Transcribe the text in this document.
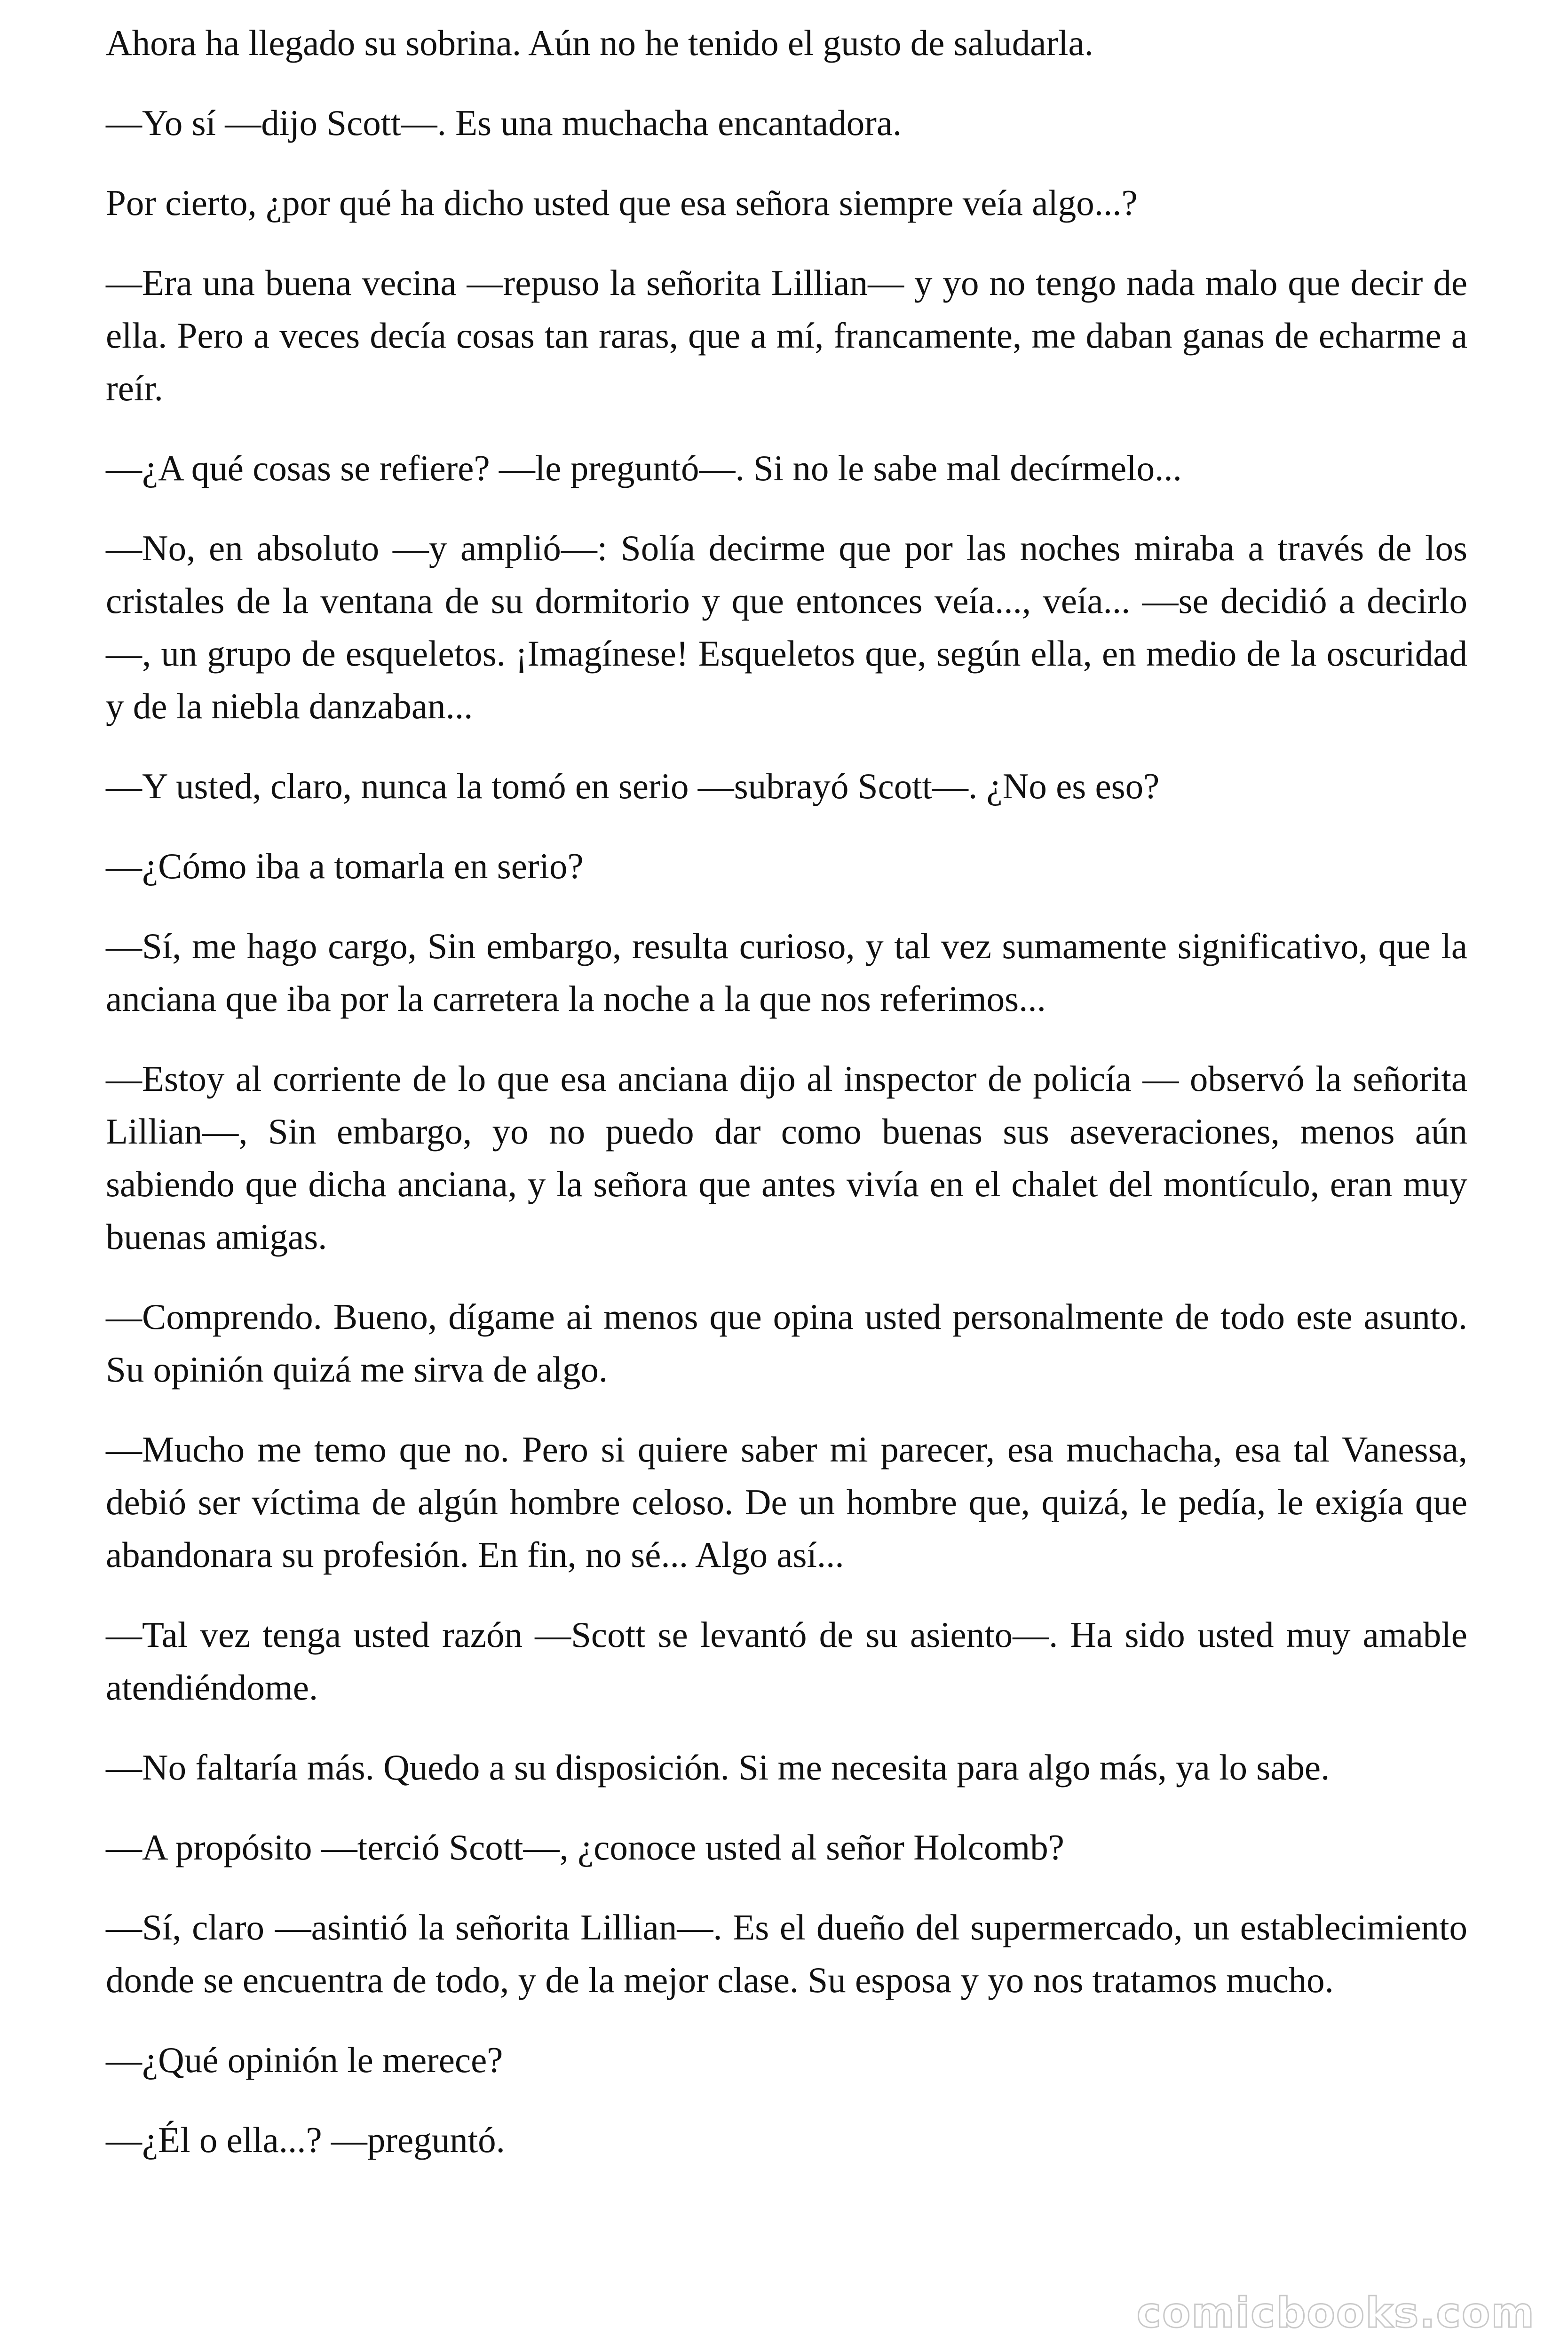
Ahora ha llegado su sobrina. Aún no he tenido el gusto de saludarla.

—Yo sí —dijo Scott—. Es una muchacha encantadora.

Por cierto, ¿por qué ha dicho usted que esa señora siempre veía algo...?

—Era una buena vecina —repuso la señorita Lillian— y yo no tengo nada malo que decir de ella. Pero a veces decía cosas tan raras, que a mí, francamente, me daban ganas de echarme a reír.

—¿A qué cosas se refiere? —le preguntó—. Si no le sabe mal decírmelo...

—No, en absoluto —y amplió—: Solía decirme que por las noches miraba a través de los cristales de la ventana de su dormitorio y que entonces veía..., veía... —se decidió a decirlo—, un grupo de esqueletos. ¡Imagínese! Esqueletos que, según ella, en medio de la oscuridad y de la niebla danzaban...

—Y usted, claro, nunca la tomó en serio —subrayó Scott—. ¿No es eso?

—¿Cómo iba a tomarla en serio?

—Sí, me hago cargo, Sin embargo, resulta curioso, y tal vez sumamente significativo, que la anciana que iba por la carretera la noche a la que nos referimos...

—Estoy al corriente de lo que esa anciana dijo al inspector de policía — observó la señorita Lillian—, Sin embargo, yo no puedo dar como buenas sus aseveraciones, menos aún sabiendo que dicha anciana, y la señora que antes vivía en el chalet del montículo, eran muy buenas amigas.

—Comprendo. Bueno, dígame ai menos que opina usted personalmente de todo este asunto. Su opinión quizá me sirva de algo.

—Mucho me temo que no. Pero si quiere saber mi parecer, esa muchacha, esa tal Vanessa, debió ser víctima de algún hombre celoso. De un hombre que, quizá, le pedía, le exigía que abandonara su profesión. En fin, no sé... Algo así...

—Tal vez tenga usted razón —Scott se levantó de su asiento—. Ha sido usted muy amable atendiéndome.

—No faltaría más. Quedo a su disposición. Si me necesita para algo más, ya lo sabe.

—A propósito —terció Scott—, ¿conoce usted al señor Holcomb?

—Sí, claro —asintió la señorita Lillian—. Es el dueño del supermercado, un establecimiento donde se encuentra de todo, y de la mejor clase. Su esposa y yo nos tratamos mucho.

—¿Qué opinión le merece?

—¿Él o ella...? —preguntó.

comicbooks.com
